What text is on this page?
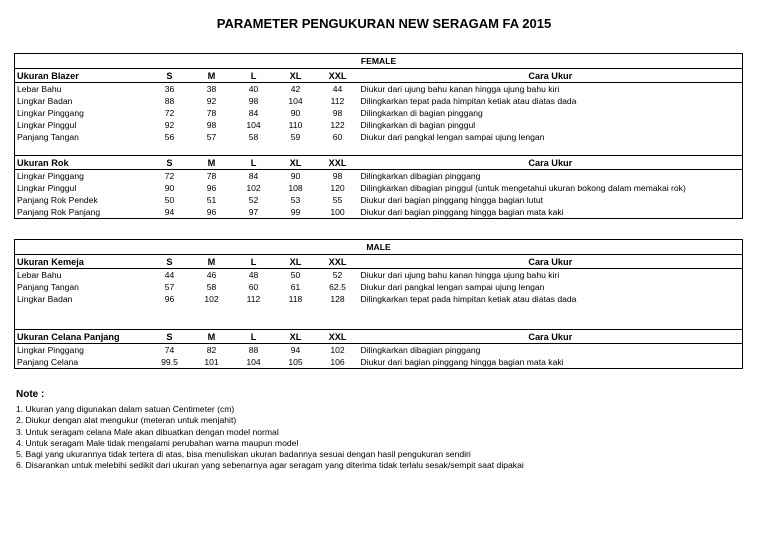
PARAMETER PENGUKURAN NEW SERAGAM FA 2015
FEMALE						
Ukuran Blazer	S	M	L	XL	XXL	Cara Ukur
Lebar Bahu	36	38	40	42	44	Diukur dari ujung bahu kanan hingga ujung bahu kiri
Lingkar Badan	88	92	98	104	112	Dilingkarkan tepat pada himpitan ketiak atau diatas dada
Lingkar Pinggang	72	78	84	90	98	Dilingkarkan di bagian pinggang
Lingkar Pinggul	92	98	104	110	122	Dilingkarkan di bagian pinggul
Panjang Tangan	56	57	58	59	60	Diukur dari pangkal lengan sampai ujung lengan

Ukuran Rok	S	M	L	XL	XXL	Cara Ukur
Lingkar Pinggang	72	78	84	90	98	Dilingkarkan dibagian pinggang
Lingkar Pinggul	90	96	102	108	120	Dilingkarkan dibagian pinggul (untuk mengetahui ukuran bokong dalam memakai rok)
Panjang Rok Pendek	50	51	52	53	55	Diukur dari bagian pinggang hingga bagian lutut
Panjang Rok Panjang	94	96	97	99	100	Diukur dari bagian pinggang hingga bagian mata kaki
MALE						
Ukuran Kemeja	S	M	L	XL	XXL	Cara Ukur
Lebar Bahu	44	46	48	50	52	Diukur dari ujung bahu kanan hingga ujung bahu kiri
Panjang Tangan	57	58	60	61	62.5	Diukur dari pangkal lengan sampai ujung lengan
Lingkar Badan	96	102	112	118	128	Dilingkarkan tepat pada himpitan ketiak atau diatas dada

Ukuran Celana Panjang	S	M	L	XL	XXL	Cara Ukur
Lingkar Pinggang	74	82	88	94	102	Dilingkarkan dibagian pinggang
Panjang Celana	99.5	101	104	105	106	Diukur dari bagian pinggang hingga bagian mata kaki
Note :
1. Ukuran yang digunakan dalam satuan Centimeter (cm)
2. Diukur dengan alat mengukur (meteran untuk menjahit)
3. Untuk seragam celana Male akan dibuatkan dengan model normal
4. Untuk seragam Male tidak mengalami perubahan warna maupun model
5. Bagi yang ukurannya tidak tertera di atas, bisa menuliskan ukuran badannya sesuai dengan hasil pengukuran sendiri
6. Disarankan untuk melebihi sedikit dari ukuran yang sebenarnya agar seragam yang diterima tidak terlalu sesak/sempit saat dipakai
